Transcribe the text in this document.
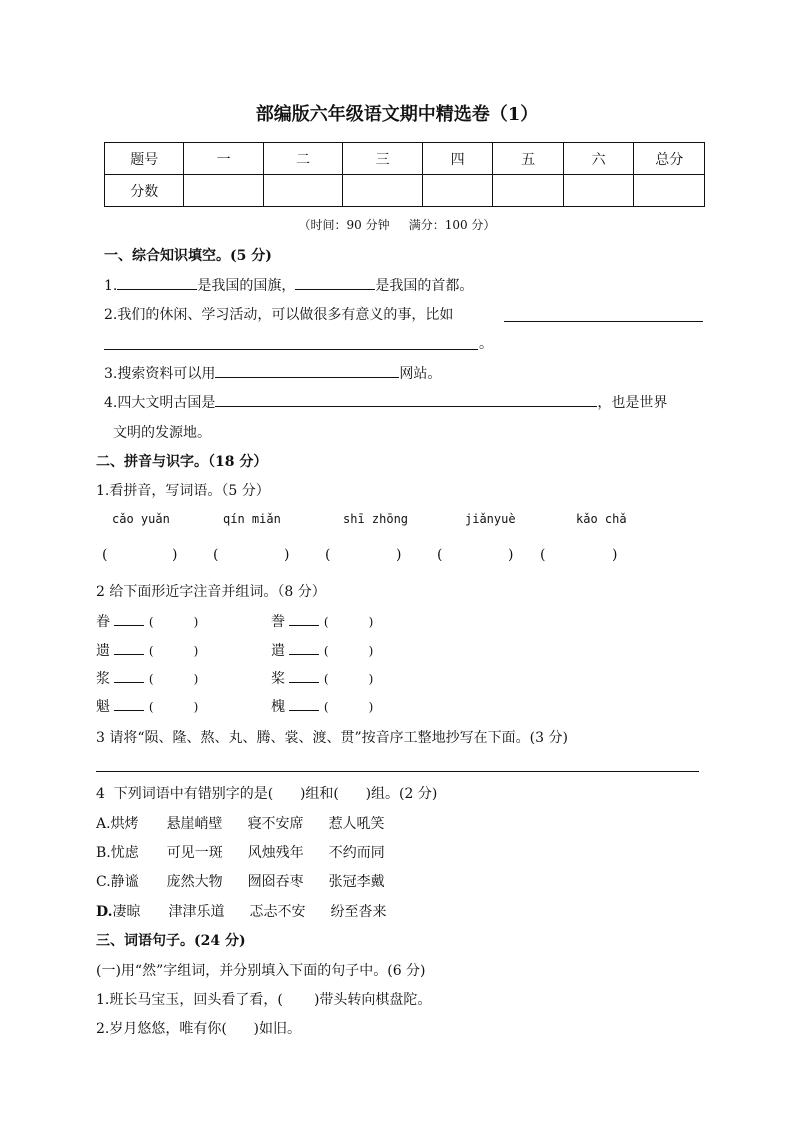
部编版六年级语文期中精选卷（1）
题号	一	二	三	四	五	六	总分
分数							
（时间：90 分钟     满分：100 分）
一、综合知识填空。(5 分)
1.	是我国的国旗，	是我国的首都。
2.我们的休闲、学习活动，可以做很多有意义的事，比如
。
3.搜索资料可以用	网站。
4.四大文明古国是	，也是世界
文明的发源地。
二、拼音与识字。（18 分）
1.看拼音，写词语。（5 分）
cǎo yuǎn	qín miǎn	shī zhōng	jiǎnyuè	kǎo chǎ
(	)	(	)	(	)	(	) (	)
2 给下面形近字注音并组词。（8 分）
眷	(	)	誊	(	)
遗	(	)	遣	(	)
浆	(	)	桨	(	)
魁	(	)	槐	(	)
3 请将“陨、隆、熬、丸、腾、裳、渡、贯”按音序工整地抄写在下面。(3 分)
4  下列词语中有错别字的是(      )组和(      )组。(2 分)
A.烘烤 悬崖峭壁 寝不安席 惹人吼笑
B.忧虑 可见一斑 风烛残年 不约而同
C.静谧 庞然大物 囫囵吞枣 张冠李戴
D.凄晾 津津乐道 忑忐不安 纷至沓来
三、词语句子。(24 分)
(一)用“然”字组词，并分别填入下面的句子中。(6 分)
1.班长马宝玉，回头看了看，(       )带头转向棋盘陀。
2.岁月悠悠，唯有你(      )如旧。
